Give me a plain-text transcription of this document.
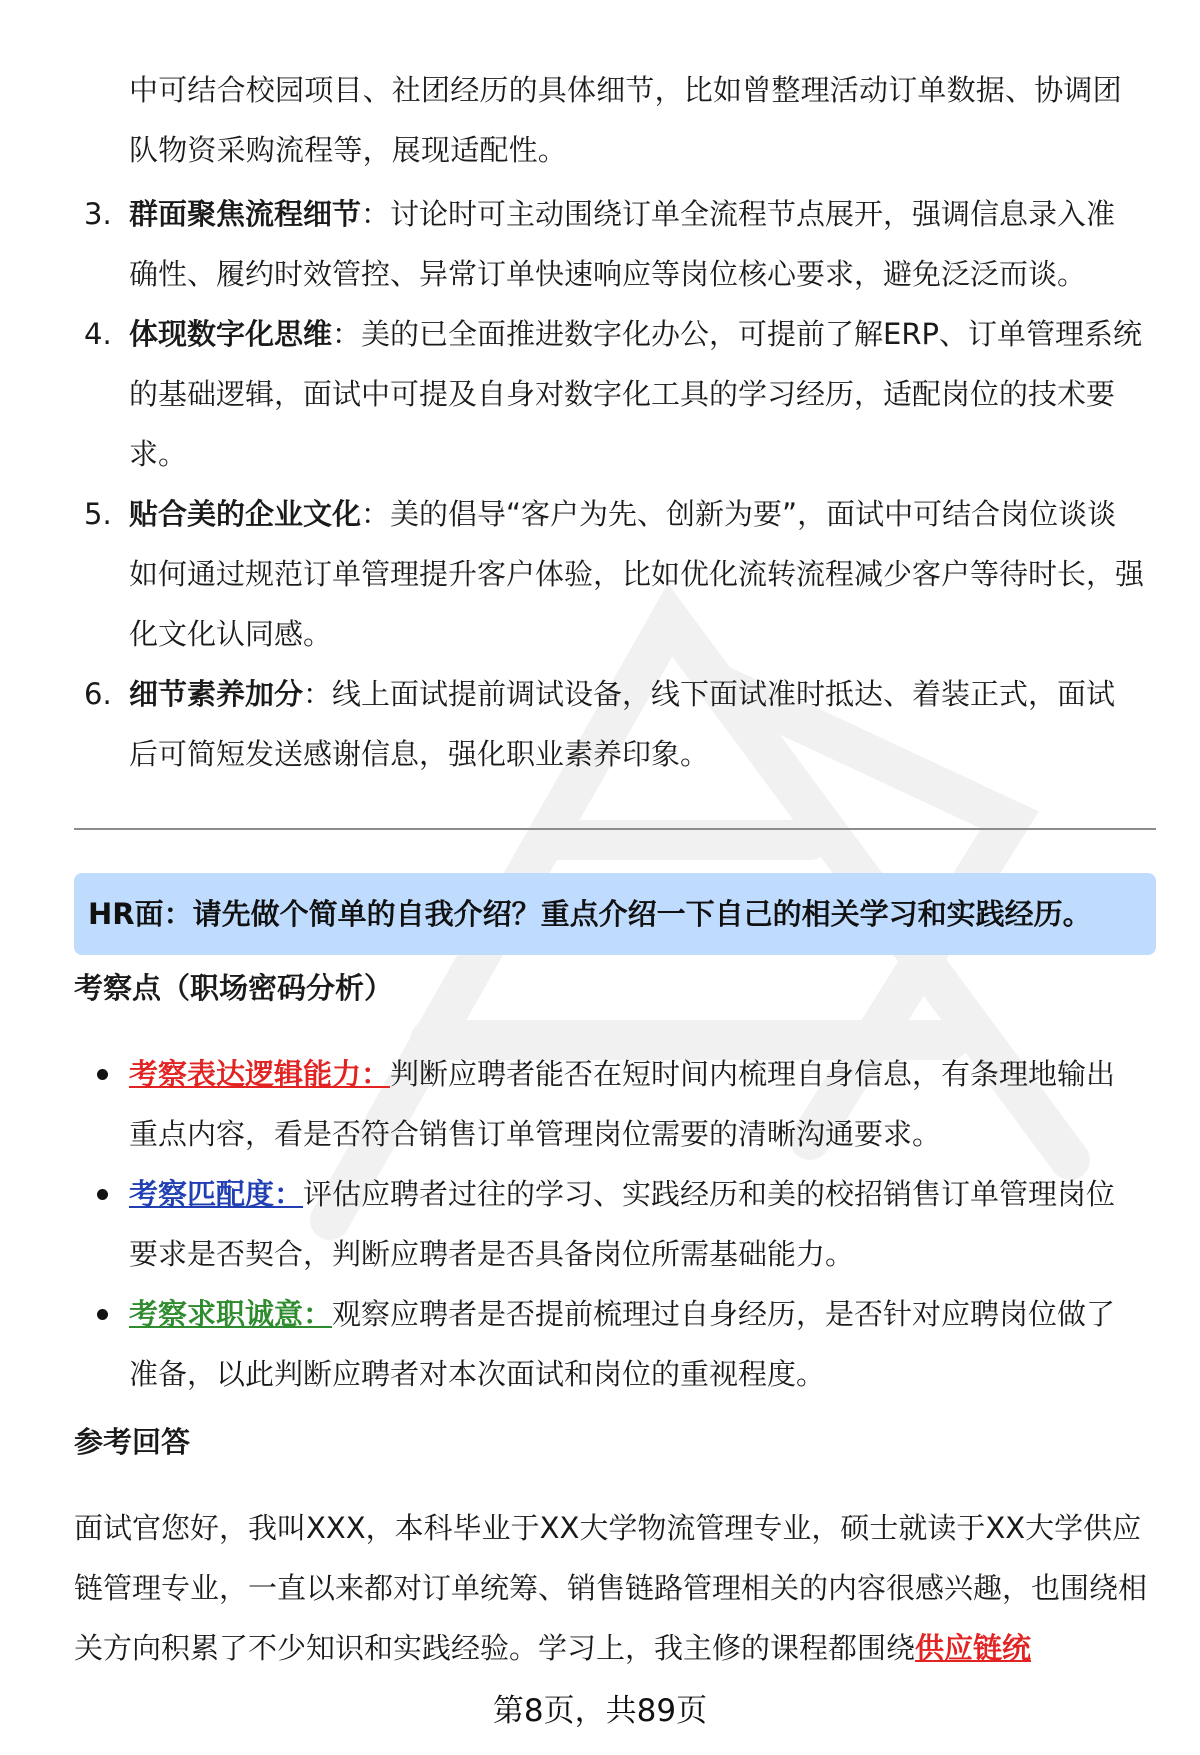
中可结合校园项目、社团经历的具体细节，比如曾整理活动订单数据、协调团队物资采购流程等，展现适配性。
3. 群面聚焦流程细节：讨论时可主动围绕订单全流程节点展开，强调信息录入准确性、履约时效管控、异常订单快速响应等岗位核心要求，避免泛泛而谈。
4. 体现数字化思维：美的已全面推进数字化办公，可提前了解ERP、订单管理系统的基础逻辑，面试中可提及自身对数字化工具的学习经历，适配岗位的技术要求。
5. 贴合美的企业文化：美的倡导“客户为先、创新为要”，面试中可结合岗位谈谈如何通过规范订单管理提升客户体验，比如优化流转流程减少客户等待时长，强化文化认同感。
6. 细节素养加分：线上面试提前调试设备，线下面试准时抵达、着装正式，面试后可简短发送感谢信息，强化职业素养印象。
HR面：请先做个简单的自我介绍？重点介绍一下自己的相关学习和实践经历。
考察点（职场密码分析）
考察表达逻辑能力：判断应聘者能否在短时间内梳理自身信息，有条理地输出重点内容，看是否符合销售订单管理岗位需要的清晰沟通要求。
考察匹配度：评估应聘者过往的学习、实践经历和美的校招销售订单管理岗位要求是否契合，判断应聘者是否具备岗位所需基础能力。
考察求职诚意：观察应聘者是否提前梳理过自身经历，是否针对应聘岗位做了准备，以此判断应聘者对本次面试和岗位的重视程度。
参考回答
面试官您好，我叫XXX，本科毕业于XX大学物流管理专业，硕士就读于XX大学供应链管理专业，一直以来都对订单统筹、销售链路管理相关的内容很感兴趣，也围绕相关方向积累了不少知识和实践经验。学习上，我主修的课程都围绕供应链统
第8页，共89页
